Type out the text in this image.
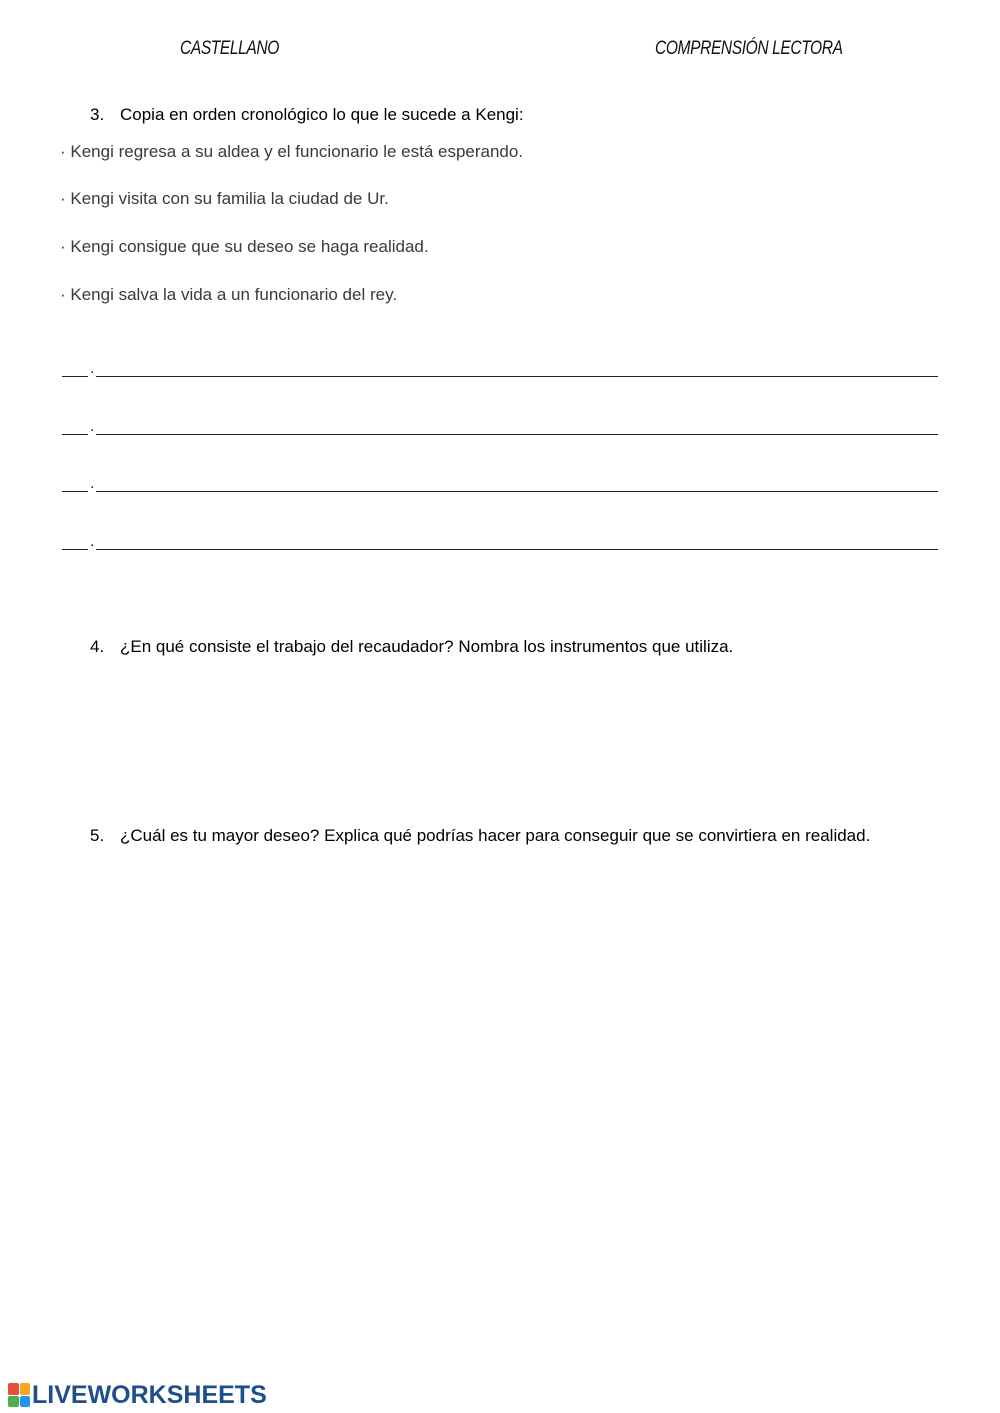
CASTELLANO	COMPRENSIÓN LECTORA
3. Copia en orden cronológico lo que le sucede a Kengi:
· Kengi regresa a su aldea y el funcionario le está esperando.
· Kengi visita con su familia la ciudad de Ur.
· Kengi consigue que su deseo se haga realidad.
· Kengi salva la vida a un funcionario del rey.
.
.
.
.
4. ¿En qué consiste el trabajo del recaudador? Nombra los instrumentos que utiliza.
5. ¿Cuál es tu mayor deseo? Explica qué podrías hacer para conseguir que se convirtiera en realidad.
LIVEWORKSHEETS
